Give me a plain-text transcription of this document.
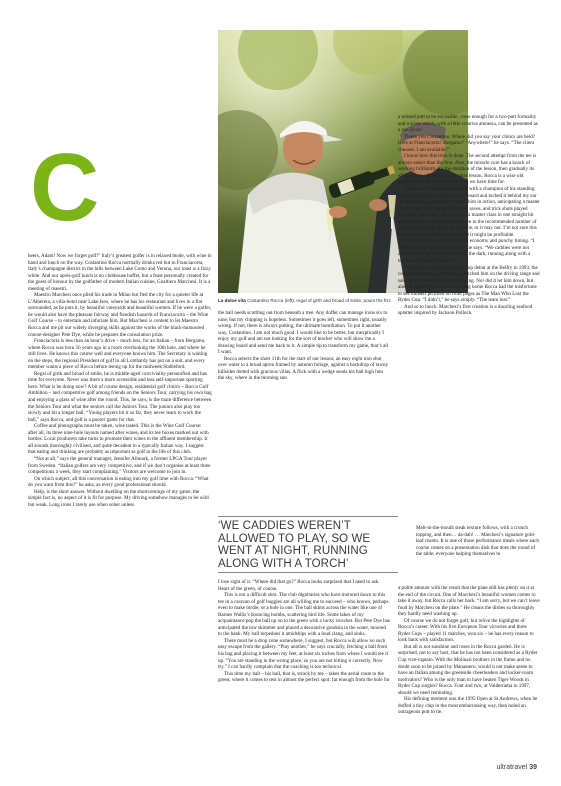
La dolce vita Costantino Rocca (left), regal of girth and broad of smile, pours the fizz
C

heers, Adam! Now we forget golf!” Italy’s greatest golfer is in relaxed mode, with wine in hand and lunch on the way. Costantino Rocca normally drinks red but in Franciacorta, Italy’s champagne district in the hills between Lake Como and Verona, our toast is a fizzy white. And our après-golf lunch is no clubhouse buffet, but a feast personally created for the guest of honour by the godfather of modern Italian cuisine, Gualtiero Marchesi. It is a meeting of maestri.

Maestro Marchesi once plied his trade in Milan but fled the city for a quieter life at L’Albereta, a villa-hotel near Lake Iseo, where he has his restaurant and lives in a flat surrounded, as he puts it, by beautiful vineyards and beautiful women. If he were a golfer, he would also have the pleasant fairway and fiendish hazards of Franciacorta – the Wine Golf Course – to entertain and infuriate him. But Marchesi is content to let Maestro Rocca and me pit our widely diverging skills against the works of the black-humoured course-designer Pete Dye, while he prepares the consolation prize.

Franciacorta is less than an hour’s drive – much less, for an Italian – from Bergamo, where Rocca was born 56 years ago in a room overlooking the 10th hole, and where he still lives. He knows this course well and everyone knows him. The Secretary is waiting on the steps, the regional President of golf in all Lombardy has put on a suit, and every member wants a piece of Rocca before teeing up for the midweek Stableford.

Regal of girth and broad of smile, he is middle-aged conviviality personified and has time for everyone. Never was there a more accessible and less self-important sporting hero. What is he doing now? A bit of course design, residential golf clinics – Rocca Golf Ambition – and competitive golf among friends on the Seniors Tour, carrying his own bag and enjoying a glass of wine after the round. This, he says, is the main difference between the Seniors Tour and what the seniors call the Juniors Tour. The juniors also play too slowly and hit a longer ball. “Young players hit it so far, they never learn to work the ball,” says Rocca, and golf is a poorer game for that.

Coffee and photographs must be taken, wine tasted. This is the Wine Golf Course: after all, its three nine-hole layouts named after wines, and its tee boxes marked out with bottles. Local producers take turns to promote their wines to the affluent membership. It all sounds thoroughly civilised, and quite decadent in a typically Italian way. I suggest that eating and drinking are probably as important as golf in the life of this club.

“Not at all,” says the general manager, Jennifer Allmark, a former LPGA Tour player from Sweden. “Italian golfers are very competitive, and if we don’t organise at least three competitions a week, they start complaining.” Visitors are welcome to join in.

On which subject, all this conversation is eating into my golf time with Rocca. “What do you want from this?” he asks, as every good professional should.

Help, is the short answer. Without dwelling on the shortcomings of my game, the simple fact is, no aspect of it is fit for purpose. My driving somehow manages to be wild but weak. Long irons I rarely use when sober unless

the ball needs scuttling out from beneath a tree. Any duffer can manage irons six to nine, but my chipping is hopeless. Sometimes it goes left, sometimes right, usually wrong. If not, there is always putting, the ultimate humiliation. To put it another way, Costantino, I am not much good. I would like to be better, but inexplicably I enjoy my golf and am not looking for the sort of teacher who will show me a drawing board and send me back to it. A simple tip to transform my game, that’s all I want.

Rocca selects the short 11th for the start of our lesson; an easy eight iron shot over water to a broad apron framed by autumn foliage, against a backdrop of tawny hillsides dotted with gracious villas. A flick with a wedge sends his ball high into the sky, where in the morning sun

‘WE CADDIES WEREN’T ALLOWED TO PLAY, SO WE WENT AT NIGHT, RUNNING ALONG WITH A TORCH’

I lose sight of it. “Where did that go?” Rocca looks surprised that I need to ask. Heart of the green, of course.

This is not a difficult shot. The club dignitaries who have motored down to this tee in a caravan of golf buggies are all willing me to succeed – who knows, perhaps even to make birdie, or a hole in one. The ball skims across the water like one of Barnes Wallis’s bouncing bombs, scattering bird life. Some lakes of my acquaintance pop the ball up on to the green with a lucky ricochet. But Pete Dye has anticipated the low skimmer and placed a decorative gondola in the water, moored to the bank. My ball torpedoes it amidships with a loud clang, and sinks.

There must be a drop zone somewhere, I suggest, but Rocca will allow no such easy escape from the gallery. “Play another,” he says crucially, fetching a ball from his bag and placing it between my feet, at least six inches from where I would tee it up. “You are standing in the wrong place, so you are not hitting it correctly. Now try.” I can hardly complain that the coaching is too technical.

This time my ball – his ball, that is, struck by me – takes the aerial route to the green, where it comes to rest in almost the perfect spot: far enough from the hole for

a missed putt to be excusable, close enough for a two-putt formality and a score which, with a little creative amnesia, can be presented as a par. Ecco!

Thank you Costantino. Where did you say your clinics are held? Here at Franciacorta? Bergamo? “Anywhere!” he says. “The client chooses. I am available!”

I know how this trick is done. The second attempt from the tee is always easier than the first. Also, the miracle cure has a knack of working brilliantly for the duration of the lesson, then gradually its effect wears off, requiring another lesson. Rocca is a wise old professional, and a few holes is all we have time for.

I have never before played golf with a champion of his standing. Having taken the miracle cure on board and tucked it behind my ear for future use, I am keen to watch him in action, anticipating a master class of deft lobs, miraculous sand saves, and trick shots played backhand. Instead, I am treated to a master class in one straight hit after another. On reaching the green in the recommended number of shots, the putt may go in for a birdie, or it may not. I’m not sure this kind of golf would be exciting, but it might be profitable.

The Rocca swing is a marvel of economy and punchy timing. “I learned to play quickly as a boy,” he says. “We caddies were not allowed to play, so we went out in the dark, running along with a torch, and no practice shots.”

When Rocca made his Ryder Cup debut at the Belfry in 1993, the coach of coaches, John Jacobs, watched him on the driving range and said he had never seen a better swing. Nor did it let him down, but alas the putter did and before flying home Rocca had the misfortune to see himself pictured on front pages as The Man Who Lost the Ryder Cup. “I didn’t,” he says simply. “The team lost.”

And so to lunch. Marchesi’s first creation is a dazzling seafood splatter inspired by Jackson Pollock.

Melt-in-the-mouth steak texture follows, with a crunch topping, and then… da-dah! … Marchesi’s signature gold-leaf risotto. It is one of those performance meals where each course comes on a presentation dish that does the round of the table, everyone helping themselves to

a polite amount with the result that the plate still has plenty on it at the end of the circuit. One of Marchesi’s beautiful women comes to take it away, but Rocca calls her back. “I am sorry, but we can’t leave food by Marchesi on the plate.” He cleans the dishes so thoroughly they hardly need washing up.

Of course we do not forget golf, but relive the highlights of Rocca’s career. With his five European Tour victories and three Ryder Cups – played 11 matches, won six – he has every reason to look back with satisfaction.

But all is not sunshine and roses in the Rocca garden. He is surprised, not to say hurt, that he has not been considered as a Ryder Cup vice-captain. With the Molinari brothers in the frame and no doubt soon to be joined by Manassero, would it not make sense to have an Italian among the greenside cheerleaders and locker-room motivators? Who is the only man to have beaten Tiger Woods in Ryder Cup singles? Rocca. Four and two, at Valderrama in 1997, should we need reminding.

His defining moment was the 1995 Open at St Andrews, when he duffed a tiny chip in the most embarrassing way, then holed an outrageous putt to tie.

ultratravel 39
